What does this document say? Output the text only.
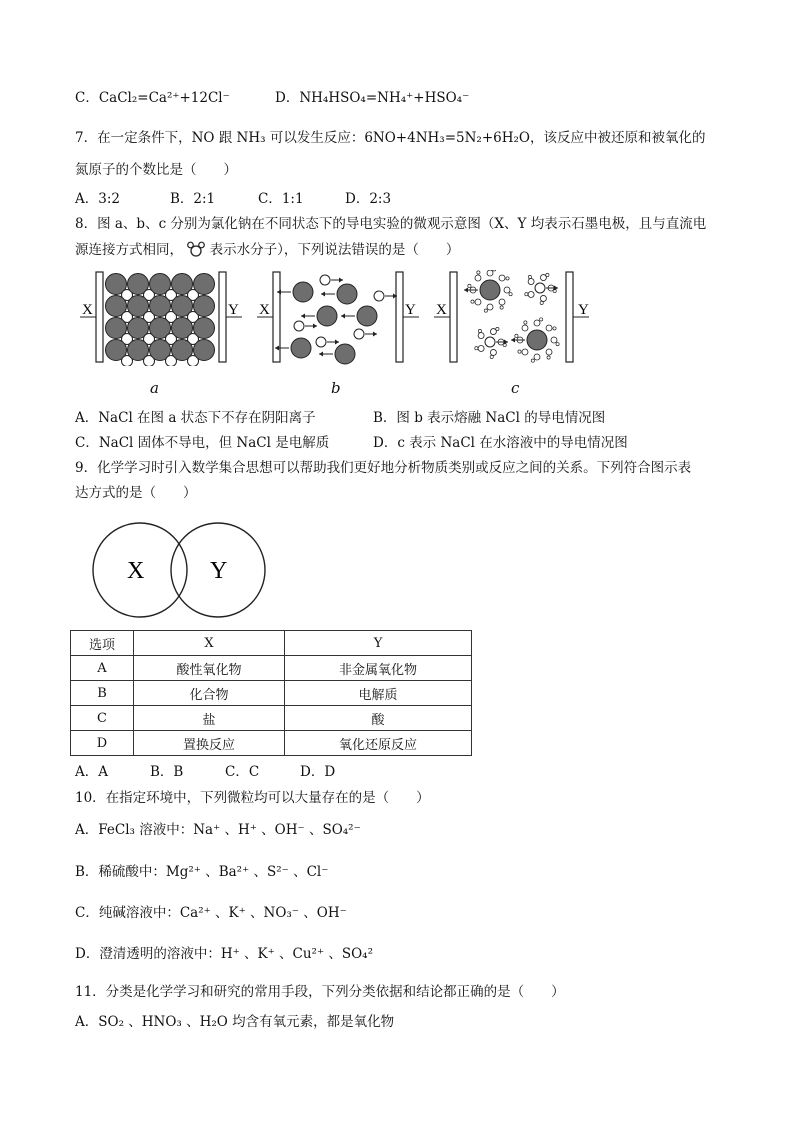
C．CaCl₂=Ca²⁺+12Cl⁻	D．NH₄HSO₄=NH₄⁺+HSO₄⁻
7．在一定条件下，NO 跟 NH₃ 可以发生反应：6NO+4NH₃=5N₂+6H₂O，该反应中被还原和被氧化的
氮原子的个数比是（　　）
A．3:2	B．2:1	C．1:1	D．2:3
8．图 a、b、c 分别为氯化钠在不同状态下的导电实验的微观示意图（X、Y 均表示石墨电极，且与直流电
源连接方式相同， 表示水分子），下列说法错误的是（　　）
X	Y
a
X	Y
b
X	Y
c
A．NaCl 在图 a 状态下不存在阴阳离子	B．图 b 表示熔融 NaCl 的导电情况图
C．NaCl 固体不导电，但 NaCl 是电解质	D．c 表示 NaCl 在水溶液中的导电情况图
9．化学学习时引入数学集合思想可以帮助我们更好地分析物质类别或反应之间的关系。下列符合图示表
达方式的是（　　）
X	Y
选项	X	Y
A	酸性氧化物	非金属氧化物
B	化合物	电解质
C	盐	酸
D	置换反应	氧化还原反应
A．A	B．B	C．C	D．D
10．在指定环境中，下列微粒均可以大量存在的是（　　）
A．FeCl₃ 溶液中：Na⁺ 、H⁺ 、OH⁻ 、SO₄²⁻
B．稀硫酸中：Mg²⁺ 、Ba²⁺ 、S²⁻ 、Cl⁻
C．纯碱溶液中：Ca²⁺ 、K⁺ 、NO₃⁻ 、OH⁻
D．澄清透明的溶液中：H⁺ 、K⁺ 、Cu²⁺ 、SO₄²
11．分类是化学学习和研究的常用手段，下列分类依据和结论都正确的是（　　）
A．SO₂ 、HNO₃ 、H₂O 均含有氧元素，都是氧化物
